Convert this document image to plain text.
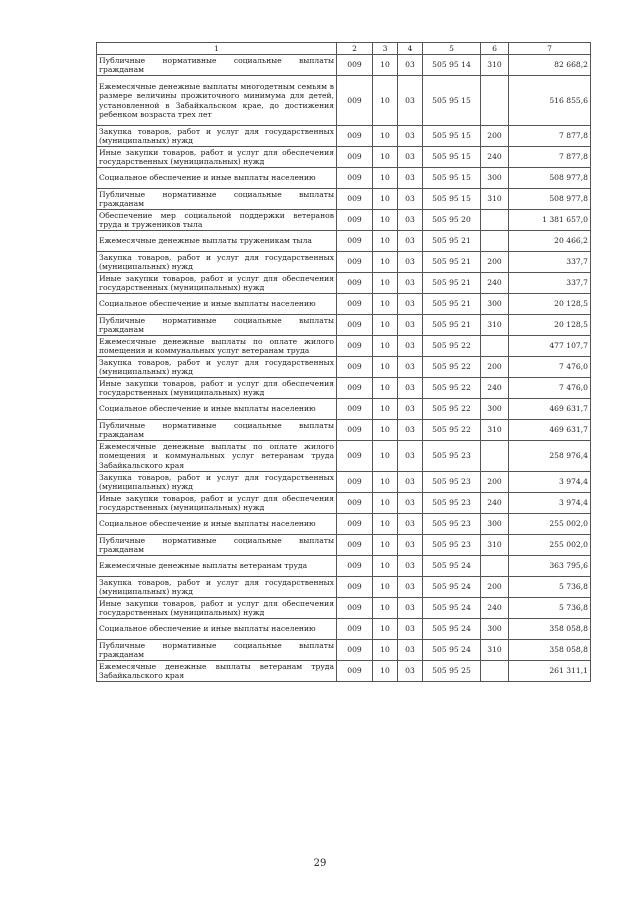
1	2	3	4	5	6	7
Публичные нормативные социальные выплаты гражданам	009	10	03	505 95 14	310	82 668,2
Ежемесячные денежные выплаты многодетным семьям в размере величины прожиточного минимума для детей, установленной в Забайкальском крае, до достижения ребенком возраста трех лет	009	10	03	505 95 15		516 855,6
Закупка товаров, работ и услуг для государственных (муниципальных) нужд	009	10	03	505 95 15	200	7 877,8
Иные закупки товаров, работ и услуг для обеспечения государственных (муниципальных) нужд	009	10	03	505 95 15	240	7 877,8
Социальное обеспечение и иные выплаты населению	009	10	03	505 95 15	300	508 977,8
Публичные нормативные социальные выплаты гражданам	009	10	03	505 95 15	310	508 977,8
Обеспечение мер социальной поддержки ветеранов труда и тружеников тыла	009	10	03	505 95 20		1 381 657,0
Ежемесячные денежные выплаты труженикам тыла	009	10	03	505 95 21		20 466,2
Закупка товаров, работ и услуг для государственных (муниципальных) нужд	009	10	03	505 95 21	200	337,7
Иные закупки товаров, работ и услуг для обеспечения государственных (муниципальных) нужд	009	10	03	505 95 21	240	337,7
Социальное обеспечение и иные выплаты населению	009	10	03	505 95 21	300	20 128,5
Публичные нормативные социальные выплаты гражданам	009	10	03	505 95 21	310	20 128,5
Ежемесячные денежные выплаты по оплате жилого помещения и коммунальных услуг ветеранам труда	009	10	03	505 95 22		477 107,7
Закупка товаров, работ и услуг для государственных (муниципальных) нужд	009	10	03	505 95 22	200	7 476,0
Иные закупки товаров, работ и услуг для обеспечения государственных (муниципальных) нужд	009	10	03	505 95 22	240	7 476,0
Социальное обеспечение и иные выплаты населению	009	10	03	505 95 22	300	469 631,7
Публичные нормативные социальные выплаты гражданам	009	10	03	505 95 22	310	469 631,7
Ежемесячные денежные выплаты по оплате жилого помещения и коммунальных услуг ветеранам труда Забайкальского края	009	10	03	505 95 23		258 976,4
Закупка товаров, работ и услуг для государственных (муниципальных) нужд	009	10	03	505 95 23	200	3 974,4
Иные закупки товаров, работ и услуг для обеспечения государственных (муниципальных) нужд	009	10	03	505 95 23	240	3 974,4
Социальное обеспечение и иные выплаты населению	009	10	03	505 95 23	300	255 002,0
Публичные нормативные социальные выплаты гражданам	009	10	03	505 95 23	310	255 002,0
Ежемесячные денежные выплаты ветеранам труда	009	10	03	505 95 24		363 795,6
Закупка товаров, работ и услуг для государственных (муниципальных) нужд	009	10	03	505 95 24	200	5 736,8
Иные закупки товаров, работ и услуг для обеспечения государственных (муниципальных) нужд	009	10	03	505 95 24	240	5 736,8
Социальное обеспечение и иные выплаты населению	009	10	03	505 95 24	300	358 058,8
Публичные нормативные социальные выплаты гражданам	009	10	03	505 95 24	310	358 058,8
Ежемесячные денежные выплаты ветеранам труда Забайкальского края	009	10	03	505 95 25		261 311,1
29
